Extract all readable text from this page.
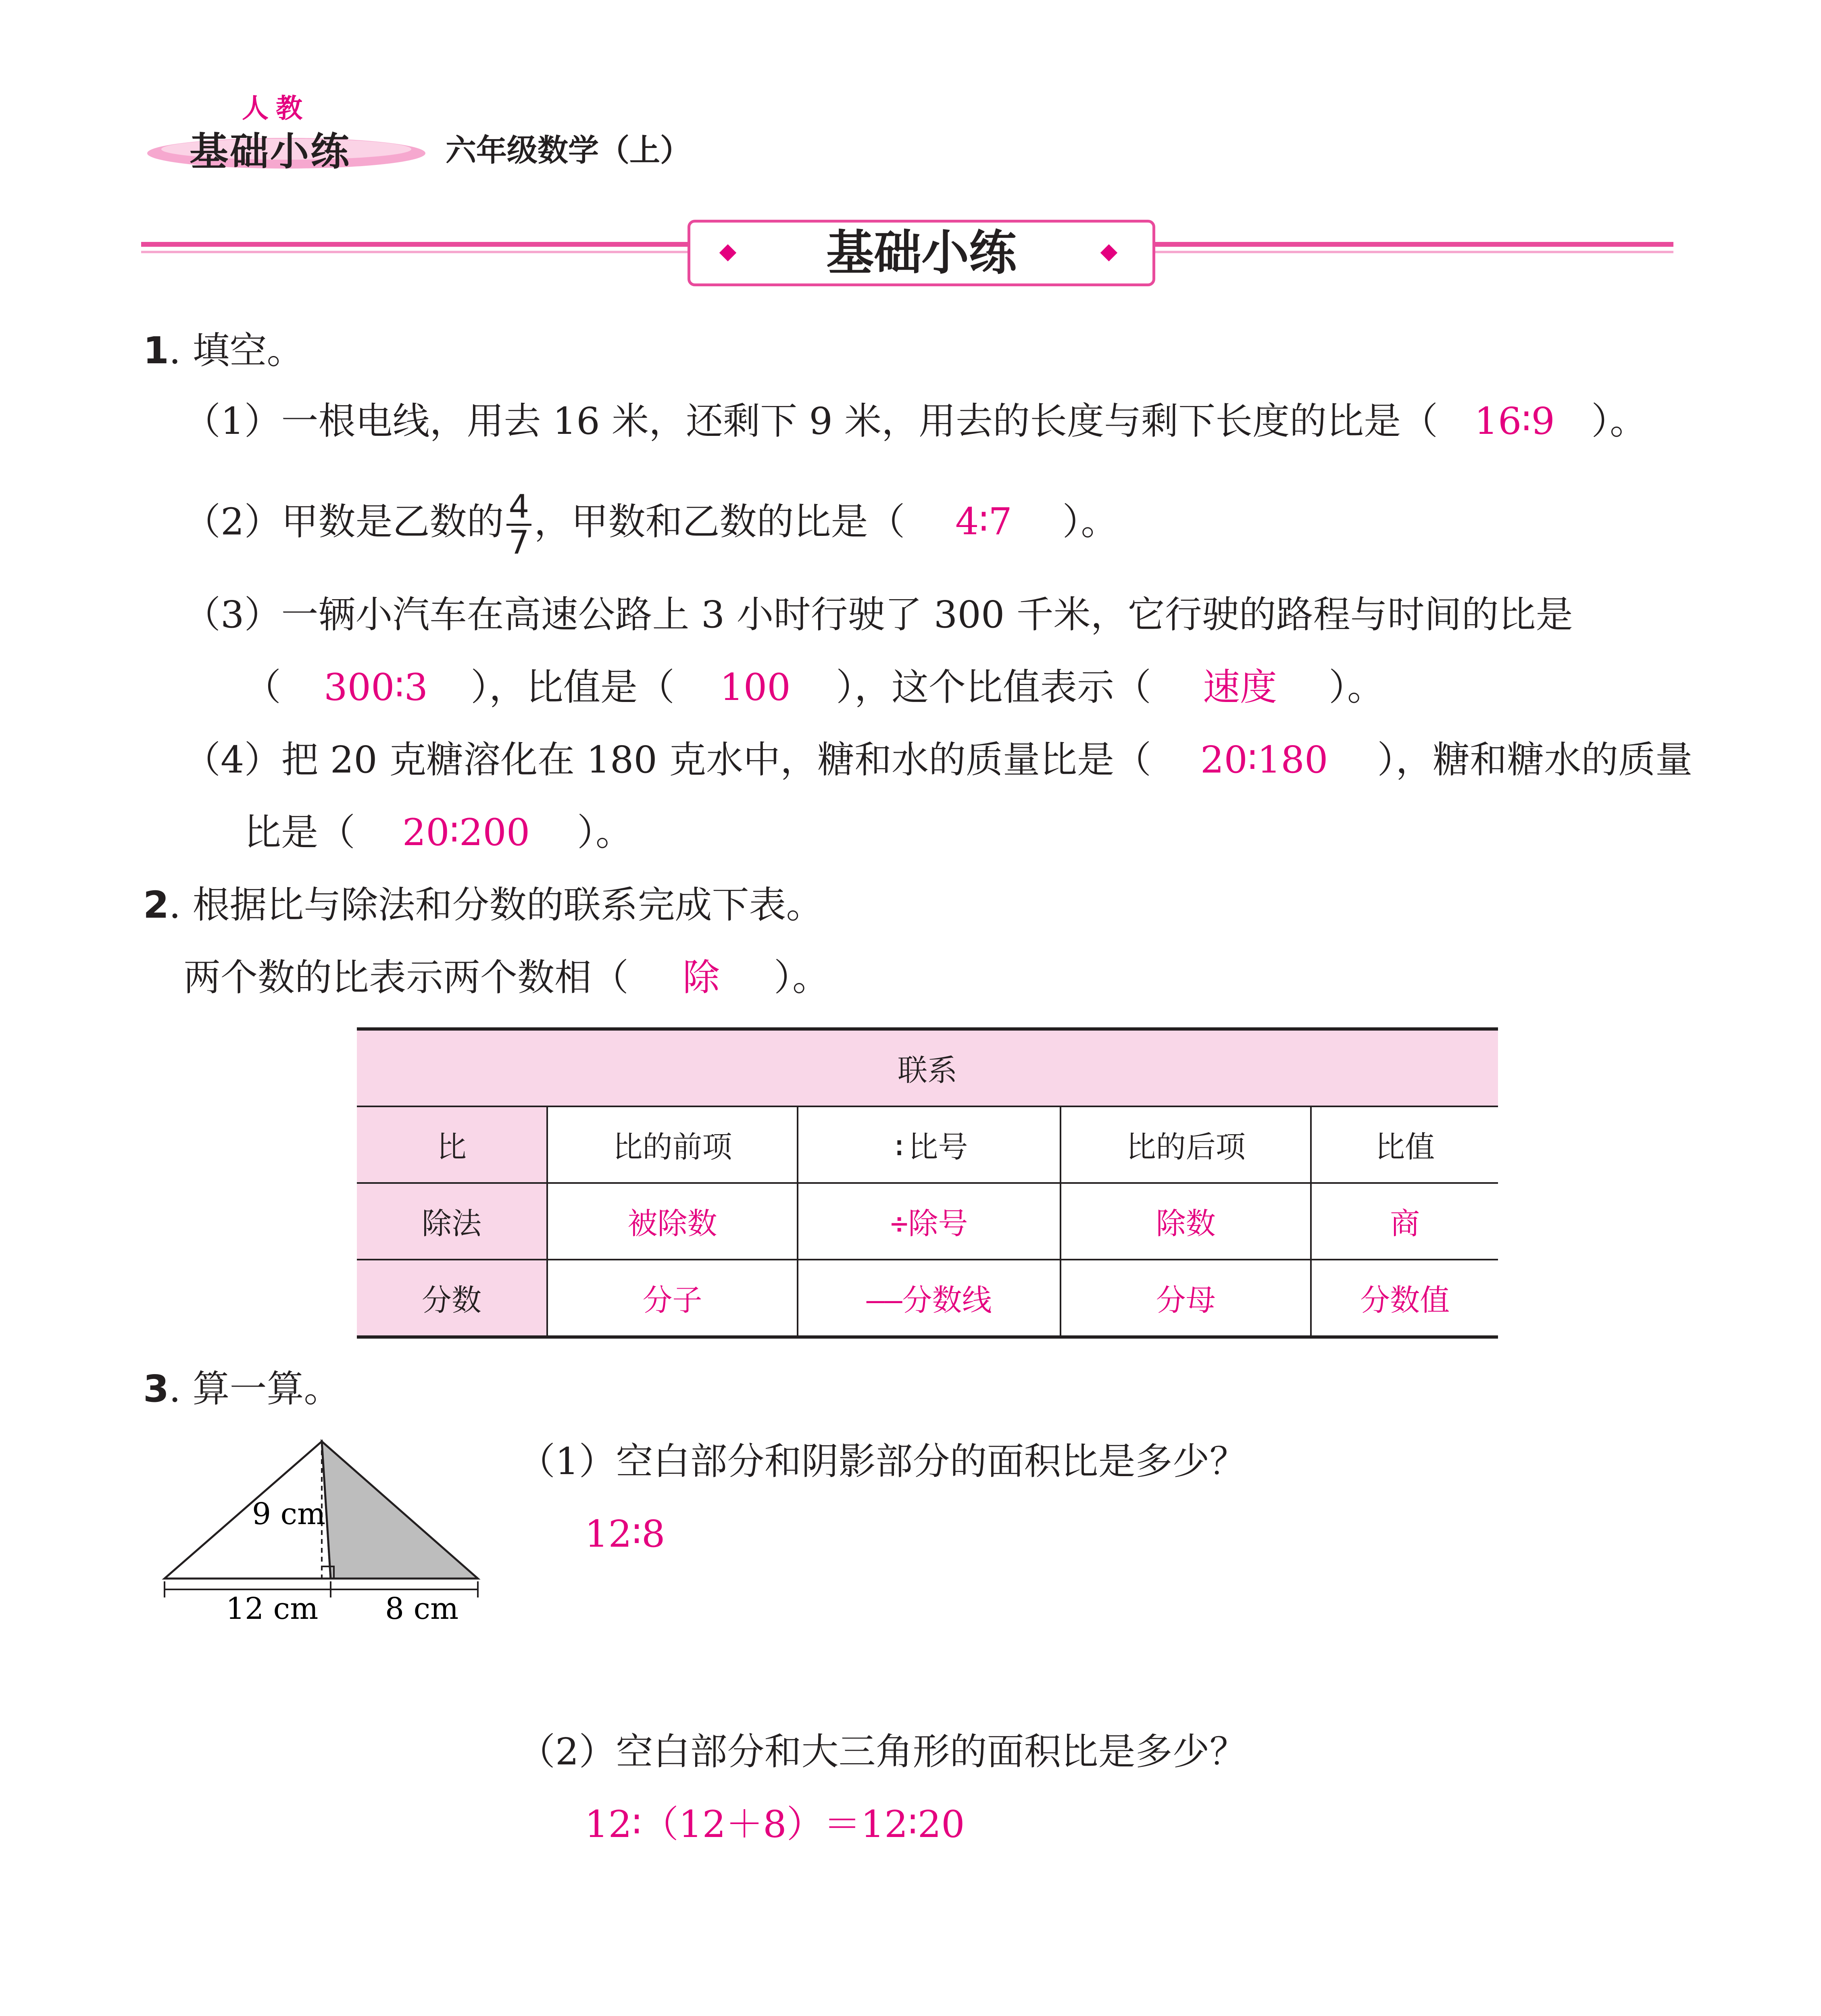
人教
基础小练	六年级数学（上）
基础小练
1. 填空。
（1）一根电线，用去 16 米，还剩下 9 米，用去的长度与剩下长度的比是（ 16∶9 ）。
（2）甲数是乙数的 $\frac{4}{7}$ ，甲数和乙数的比是（ 4∶7 ）。
（3）一辆小汽车在高速公路上 3 小时行驶了 300 千米，它行驶的路程与时间的比是
（ 300∶3 ），比值是（ 100 ），这个比值表示（ 速度 ）。
（4）把 20 克糖溶化在 180 克水中，糖和水的质量比是（ 20∶180 ），糖和糖水的质量
比是（ 20∶200 ）。
2. 根据比与除法和分数的联系完成下表。
两个数的比表示两个数相（ 除 ）。
联系				
比	比的前项	∶比号	比的后项	比值
除法	被除数	÷除号	除数	商
分数	分子	——分数线	分母	分数值
3. 算一算。
9 cm
12 cm 8 cm
（1）空白部分和阴影部分的面积比是多少？
12∶8
（2）空白部分和大三角形的面积比是多少？
12∶（12＋8）＝12∶20
